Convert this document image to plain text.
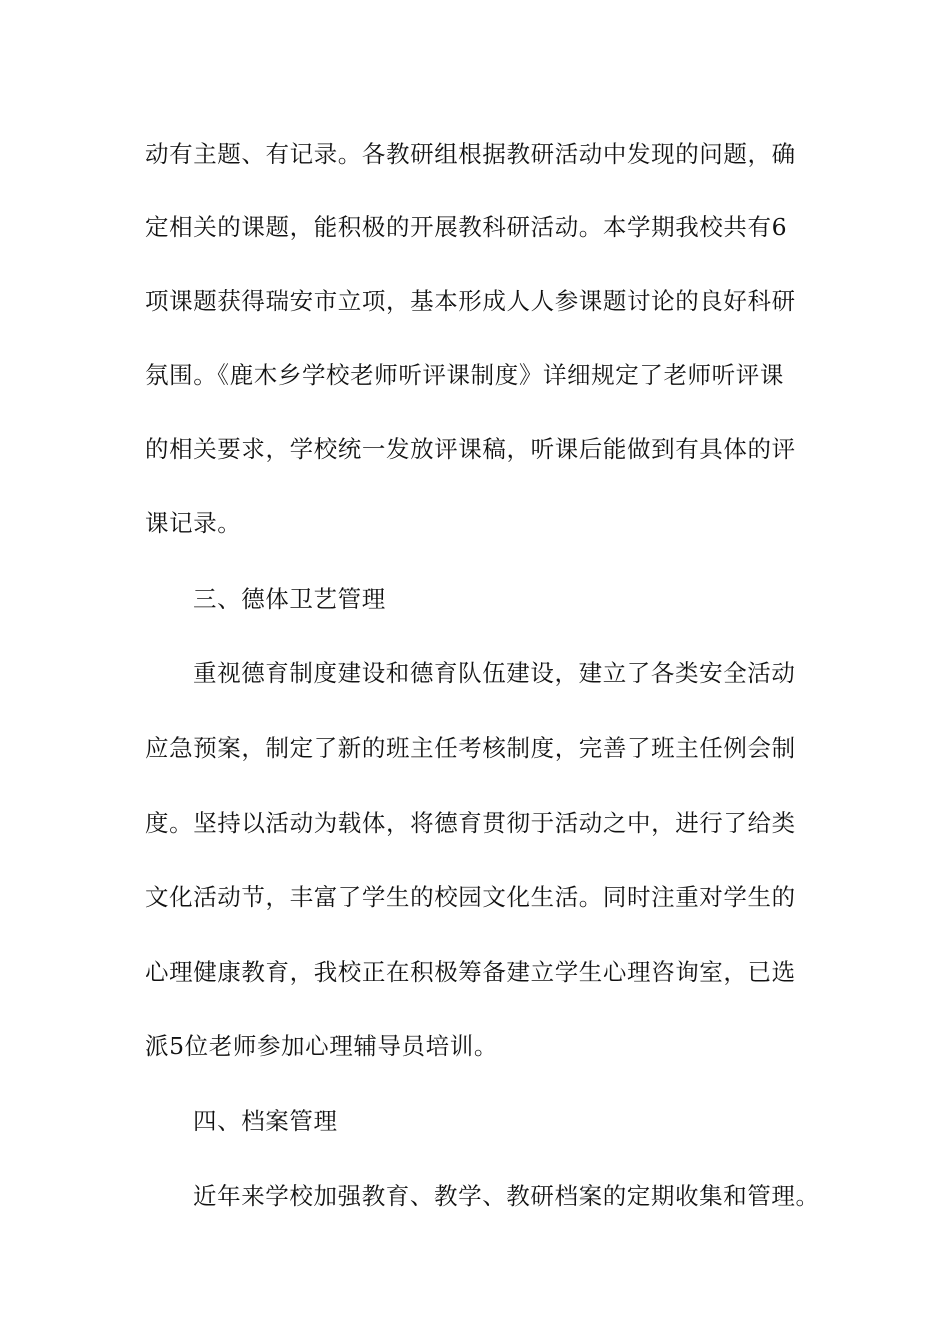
动有主题、有记录。各教研组根据教研活动中发现的问题，确
定相关的课题，能积极的开展教科研活动。本学期我校共有6
项课题获得瑞安市立项，基本形成人人参课题讨论的良好科研
氛围。《鹿木乡学校老师听评课制度》详细规定了老师听评课
的相关要求，学校统一发放评课稿，听课后能做到有具体的评
课记录。
三、德体卫艺管理
重视德育制度建设和德育队伍建设，建立了各类安全活动
应急预案，制定了新的班主任考核制度，完善了班主任例会制
度。坚持以活动为载体，将德育贯彻于活动之中，进行了给类
文化活动节，丰富了学生的校园文化生活。同时注重对学生的
心理健康教育，我校正在积极筹备建立学生心理咨询室，已选
派5位老师参加心理辅导员培训。
四、档案管理
近年来学校加强教育、教学、教研档案的定期收集和管理。
